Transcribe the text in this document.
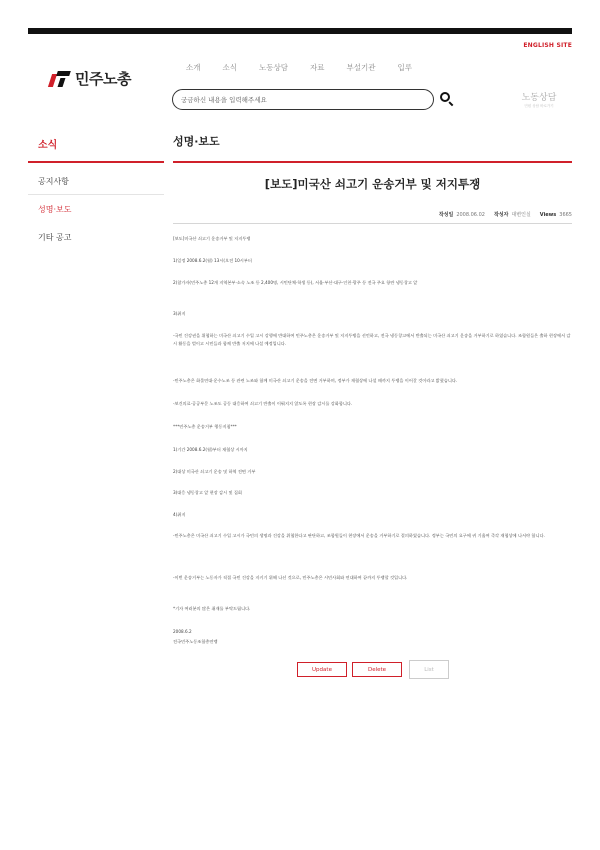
ENGLISH SITE
민주노총
소개	소식	노동상담	자료	부설기관	입루
궁금하신 내용을 입력해주세요	노동상담
민원 상담 바로가기
소식
공지사항
성명·보도
기타 공고
성명·보도
[보도]미국산 쇠고기 운송거부 및 저지투쟁
작성일 2008.06.02 작성자 대변인실 Views 3665

[보도]미국산 쇠고기 운송거부 및 저지투쟁

1)일정 2008.6.2(월) 13시(오전 10시부터

2)참가자(민주노총 12개 지역본부·소속 노조 등 2,400명, 시민단체·학생 등), 서울·부산·대구·인천·광주 등 전국 주요 항만 냉동창고 앞

3)취지

-국민 건강권을 위협하는 미국산 쇠고기 수입 고시 강행에 반대하여 민주노총은 운송거부 및 저지투쟁을 선언하고, 전국 냉동창고에서 반출되는 미국산 쇠고기 운송을 거부하기로 하였습니다. 조합원들은 출하 현장에서 감시 활동을 벌이고 시민들과 함께 반출 저지에 나설 예정입니다.

-민주노총은 화물연대·운수노조 등 관련 노조와 함께 미국산 쇠고기 운송을 전면 거부하며, 정부가 재협상에 나설 때까지 투쟁을 이어갈 것이라고 밝혔습니다.

-보건의료·공공부문 노조도 공동 대응하여 쇠고기 반출이 이뤄지지 않도록 현장 감시를 강화합니다.

***민주노총 운송거부 행동지침***

1)기간 2008.6.2(월)부터 재협상 시까지

2)대상 미국산 쇠고기 운송 및 하역 전면 거부

3)대응 냉동창고 앞 현장 감시 및 집회

4)취지

-민주노총은 미국산 쇠고기 수입 고시가 국민의 생명과 건강을 위협한다고 판단하고, 조합원들이 현장에서 운송을 거부하기로 결의하였습니다. 정부는 국민의 요구에 귀 기울여 즉각 재협상에 나서야 합니다.

-이번 운송거부는 노동자가 직접 국민 건강을 지키기 위해 나선 것으로, 민주노총은 시민사회와 연대하여 끝까지 투쟁할 것입니다.

*기자 여러분의 많은 취재를 부탁드립니다.

2008.6.2

전국민주노동조합총연맹

Update	Delete	List
